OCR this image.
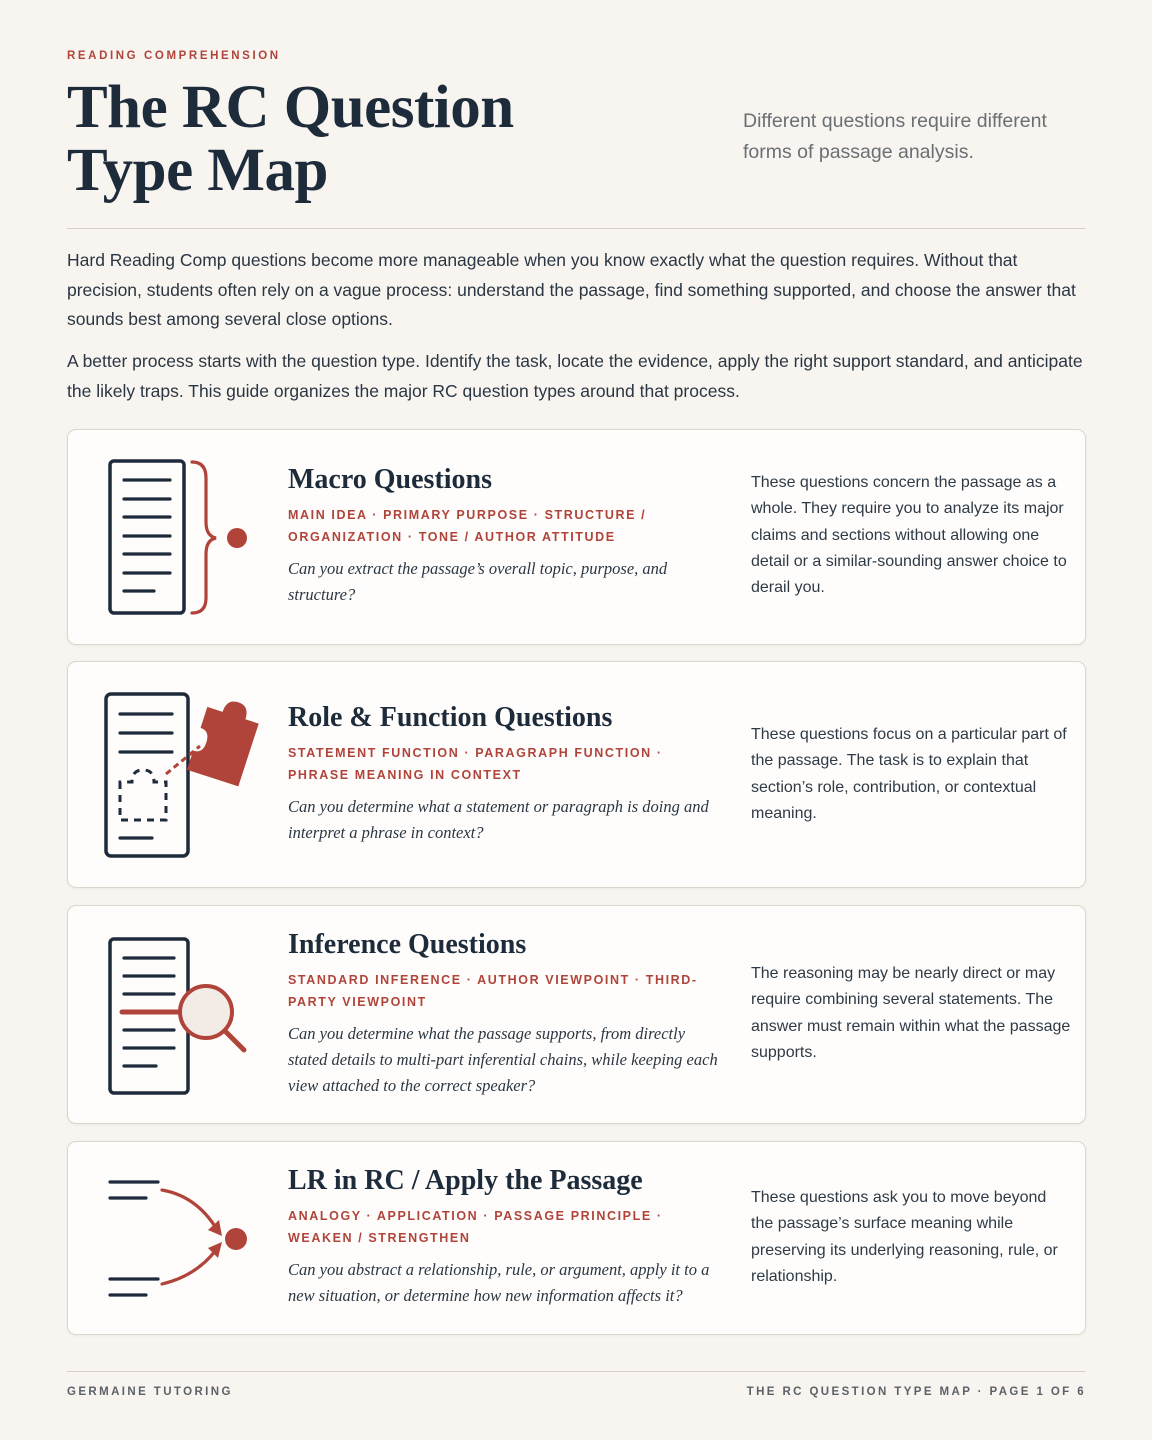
READING COMPREHENSION
The RC Question
Type Map
Different questions require different forms of passage analysis.

Hard Reading Comp questions become more manageable when you know exactly what the question requires. Without that precision, students often rely on a vague process: understand the passage, find something supported, and choose the answer that sounds best among several close options.

A better process starts with the question type. Identify the task, locate the evidence, apply the right support standard, and anticipate the likely traps. This guide organizes the major RC question types around that process.

Macro Questions
MAIN IDEA · PRIMARY PURPOSE · STRUCTURE / ORGANIZATION · TONE / AUTHOR ATTITUDE
Can you extract the passage’s overall topic, purpose, and structure?
These questions concern the passage as a whole. They require you to analyze its major claims and sections without allowing one detail or a similar-sounding answer choice to derail you.
Role & Function Questions
STATEMENT FUNCTION · PARAGRAPH FUNCTION · PHRASE MEANING IN CONTEXT
Can you determine what a statement or paragraph is doing and interpret a phrase in context?
These questions focus on a particular part of the passage. The task is to explain that section’s role, contribution, or contextual meaning.
Inference Questions
STANDARD INFERENCE · AUTHOR VIEWPOINT · THIRD-PARTY VIEWPOINT
Can you determine what the passage supports, from directly stated details to multi-part inferential chains, while keeping each view attached to the correct speaker?
The reasoning may be nearly direct or may require combining several statements. The answer must remain within what the passage supports.
LR in RC / Apply the Passage
ANALOGY · APPLICATION · PASSAGE PRINCIPLE · WEAKEN / STRENGTHEN
Can you abstract a relationship, rule, or argument, apply it to a new situation, or determine how new information affects it?
These questions ask you to move beyond the passage’s surface meaning while preserving its underlying reasoning, rule, or relationship.
GERMAINE TUTORING	THE RC QUESTION TYPE MAP · PAGE 1 OF 6
